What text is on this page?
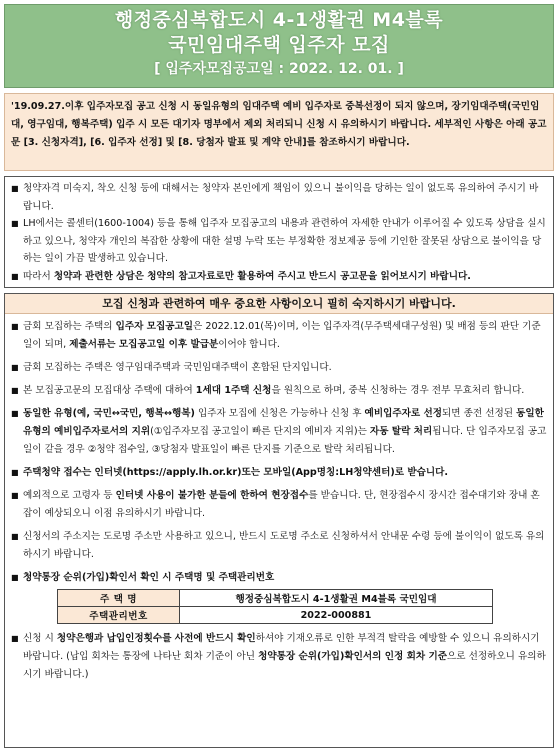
행정중심복합도시 4-1생활권 M4블록
국민임대주택 입주자 모집
[ 입주자모집공고일 : 2022. 12. 01. ]
'19.09.27.이후 입주자모집 공고 신청 시 동일유형의 임대주택 예비 입주자로 중복선정이 되지 않으며, 장기임대주택(국민임대, 영구임대, 행복주택) 입주 시 모든 대기자 명부에서 제외 처리되니 신청 시 유의하시기 바랍니다. 세부적인 사항은 아래 공고문 [3. 신청자격], [6. 입주자 선정] 및 [8. 당첨자 발표 및 계약 안내]를 참조하시기 바랍니다.
■ 청약자격 미숙지, 착오 신청 등에 대해서는 청약자 본인에게 책임이 있으니 불이익을 당하는 일이 없도록 유의하여 주시기 바랍니다.
■ LH에서는 콜센터(1600-1004) 등을 통해 입주자 모집공고의 내용과 관련하여 자세한 안내가 이루어질 수 있도록 상담을 실시하고 있으나, 청약자 개인의 복잡한 상황에 대한 설명 누락 또는 부정확한 정보제공 등에 기인한 잘못된 상담으로 불이익을 당하는 일이 가끔 발생하고 있습니다.
■ 따라서 청약과 관련한 상담은 청약의 참고자료로만 활용하여 주시고 반드시 공고문을 읽어보시기 바랍니다.
모집 신청과 관련하여 매우 중요한 사항이오니 필히 숙지하시기 바랍니다.
■ 금회 모집하는 주택의 입주자 모집공고일은 2022.12.01(목)이며, 이는 입주자격(무주택세대구성원) 및 배점 등의 판단 기준일이 되며, 제출서류는 모집공고일 이후 발급분이어야 합니다.
■ 금회 모집하는 주택은 영구임대주택과 국민임대주택이 혼합된 단지입니다.
■ 본 모집공고문의 모집대상 주택에 대하여 1세대 1주택 신청을 원칙으로 하며, 중복 신청하는 경우 전부 무효처리 합니다.
■ 동일한 유형(예, 국민↔국민, 행복↔행복) 입주자 모집에 신청은 가능하나 신청 후 예비입주자로 선정되면 종전 선정된 동일한 유형의 예비입주자로서의 지위(①입주자모집 공고일이 빠른 단지의 예비자 지위)는 자동 탈락 처리됩니다. 단 입주자모집 공고일이 같을 경우 ②청약 접수일, ③당첨자 발표일이 빠른 단지를 기준으로 탈락 처리됩니다.
■ 주택청약 접수는 인터넷(https://apply.lh.or.kr)또는 모바일(App명칭:LH청약센터)로 받습니다.
■ 예외적으로 고령자 등 인터넷 사용이 불가한 분들에 한하여 현장접수를 받습니다. 단, 현장접수시 장시간 접수대기와 장내 혼잡이 예상되오니 이점 유의하시기 바랍니다.
■ 신청서의 주소지는 도로명 주소만 사용하고 있으니, 반드시 도로명 주소로 신청하셔서 안내문 수령 등에 불이익이 없도록 유의하시기 바랍니다.
■ 청약통장 순위(가입)확인서 확인 시 주택명 및 주택관리번호
주 택 명	행정중심복합도시 4-1생활권 M4블록 국민임대
주택관리번호	2022-000881
■ 신청 시 청약은행과 납입인정횟수를 사전에 반드시 확인하셔야 기재오류로 인한 부적격 탈락을 예방할 수 있으니 유의하시기 바랍니다. (납입 회차는 통장에 나타난 회차 기준이 아닌 청약통장 순위(가입)확인서의 인정 회차 기준으로 선정하오니 유의하시기 바랍니다.)
